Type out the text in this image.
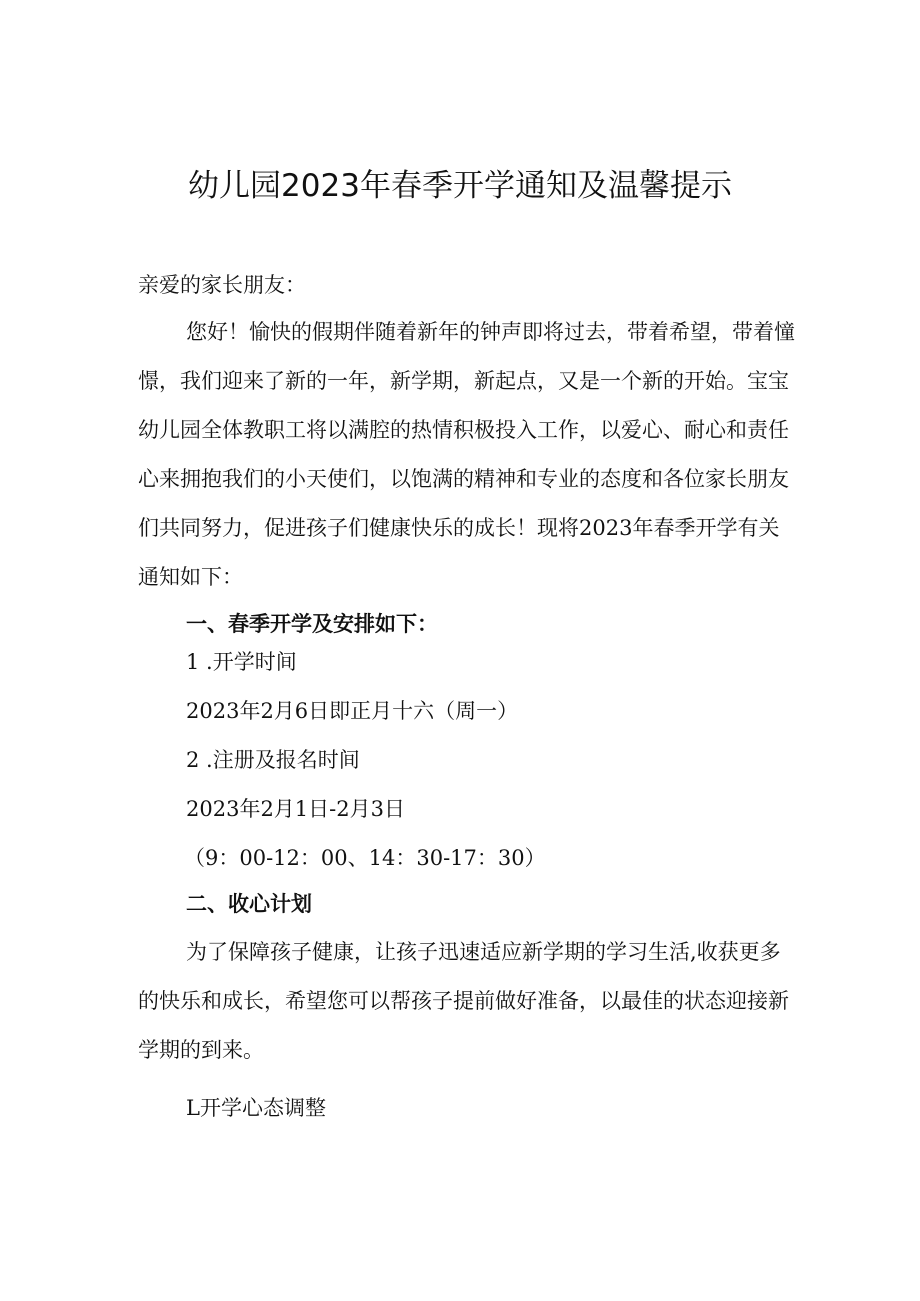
幼儿园2023年春季开学通知及温馨提示

亲爱的家长朋友：

您好！愉快的假期伴随着新年的钟声即将过去，带着希望，带着憧憬，我们迎来了新的一年，新学期，新起点，又是一个新的开始。宝宝幼儿园全体教职工将以满腔的热情积极投入工作，以爱心、耐心和责任心来拥抱我们的小天使们，以饱满的精神和专业的态度和各位家长朋友们共同努力，促进孩子们健康快乐的成长！现将2023年春季开学有关通知如下：

一、春季开学及安排如下：

1 .开学时间

2023年2月6日即正月十六（周一）

2 .注册及报名时间

2023年2月1日-2月3日

（9：00-12：00、14：30-17：30）

二、收心计划

为了保障孩子健康，让孩子迅速适应新学期的学习生活,收获更多的快乐和成长，希望您可以帮孩子提前做好准备，以最佳的状态迎接新学期的到来。

L开学心态调整
